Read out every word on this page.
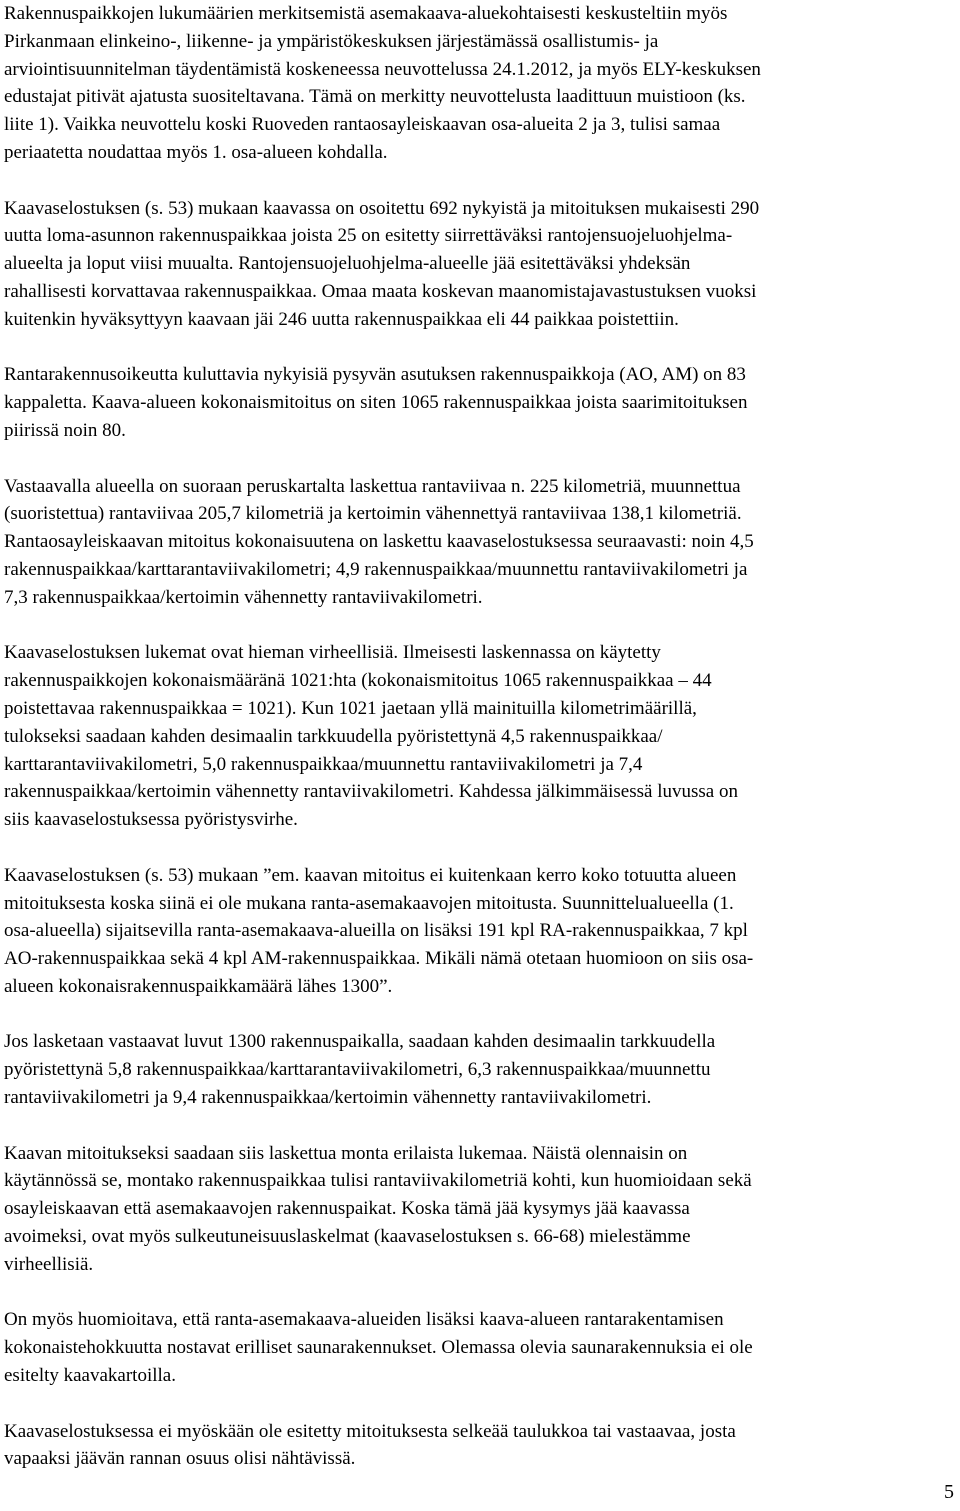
Rakennuspaikkojen lukumäärien merkitsemistä asemakaava-aluekohtaisesti keskusteltiin myös
Pirkanmaan elinkeino-, liikenne- ja ympäristökeskuksen järjestämässä osallistumis- ja
arviointisuunnitelman täydentämistä koskeneessa neuvottelussa 24.1.2012, ja myös ELY-keskuksen
edustajat pitivät ajatusta suositeltavana. Tämä on merkitty neuvottelusta laadittuun muistioon (ks.
liite 1). Vaikka neuvottelu koski Ruoveden rantaosayleiskaavan osa-alueita 2 ja 3, tulisi samaa
periaatetta noudattaa myös 1. osa-alueen kohdalla.

Kaavaselostuksen (s. 53) mukaan kaavassa on osoitettu 692 nykyistä ja mitoituksen mukaisesti 290
uutta loma-asunnon rakennuspaikkaa joista 25 on esitetty siirrettäväksi rantojensuojeluohjelma-
alueelta ja loput viisi muualta. Rantojensuojeluohjelma-alueelle jää esitettäväksi yhdeksän
rahallisesti korvattavaa rakennuspaikkaa. Omaa maata koskevan maanomistajavastustuksen vuoksi
kuitenkin hyväksyttyyn kaavaan jäi 246 uutta rakennuspaikkaa eli 44 paikkaa poistettiin.

Rantarakennusoikeutta kuluttavia nykyisiä pysyvän asutuksen rakennuspaikkoja (AO, AM) on 83
kappaletta. Kaava-alueen kokonaismitoitus on siten 1065 rakennuspaikkaa joista saarimitoituksen
piirissä noin 80.

Vastaavalla alueella on suoraan peruskartalta laskettua rantaviivaa n. 225 kilometriä, muunnettua
(suoristettua) rantaviivaa 205,7 kilometriä ja kertoimin vähennettyä rantaviivaa 138,1 kilometriä.
Rantaosayleiskaavan mitoitus kokonaisuutena on laskettu kaavaselostuksessa seuraavasti: noin 4,5
rakennuspaikkaa/karttarantaviivakilometri; 4,9 rakennuspaikkaa/muunnettu rantaviivakilometri ja
7,3 rakennuspaikkaa/kertoimin vähennetty rantaviivakilometri.

Kaavaselostuksen lukemat ovat hieman virheellisiä. Ilmeisesti laskennassa on käytetty
rakennuspaikkojen kokonaismääränä 1021:hta (kokonaismitoitus 1065 rakennuspaikkaa – 44
poistettavaa rakennuspaikkaa = 1021). Kun 1021 jaetaan yllä mainituilla kilometrimäärillä,
tulokseksi saadaan kahden desimaalin tarkkuudella pyöristettynä 4,5 rakennuspaikkaa/
karttarantaviivakilometri, 5,0 rakennuspaikkaa/muunnettu rantaviivakilometri ja 7,4
rakennuspaikkaa/kertoimin vähennetty rantaviivakilometri. Kahdessa jälkimmäisessä luvussa on
siis kaavaselostuksessa pyöristysvirhe.

Kaavaselostuksen (s. 53) mukaan ”em. kaavan mitoitus ei kuitenkaan kerro koko totuutta alueen
mitoituksesta koska siinä ei ole mukana ranta-asemakaavojen mitoitusta. Suunnittelualueella (1.
osa-alueella) sijaitsevilla ranta-asemakaava-alueilla on lisäksi 191 kpl RA-rakennuspaikkaa, 7 kpl
AO-rakennuspaikkaa sekä 4 kpl AM-rakennuspaikkaa. Mikäli nämä otetaan huomioon on siis osa-
alueen kokonaisrakennuspaikkamäärä lähes 1300”.

Jos lasketaan vastaavat luvut 1300 rakennuspaikalla, saadaan kahden desimaalin tarkkuudella
pyöristettynä 5,8 rakennuspaikkaa/karttarantaviivakilometri, 6,3 rakennuspaikkaa/muunnettu
rantaviivakilometri ja 9,4 rakennuspaikkaa/kertoimin vähennetty rantaviivakilometri.

Kaavan mitoitukseksi saadaan siis laskettua monta erilaista lukemaa. Näistä olennaisin on
käytännössä se, montako rakennuspaikkaa tulisi rantaviivakilometriä kohti, kun huomioidaan sekä
osayleiskaavan että asemakaavojen rakennuspaikat. Koska tämä jää kysymys jää kaavassa
avoimeksi, ovat myös sulkeutuneisuuslaskelmat (kaavaselostuksen s. 66-68) mielestämme
virheellisiä.

On myös huomioitava, että ranta-asemakaava-alueiden lisäksi kaava-alueen rantarakentamisen
kokonaistehokkuutta nostavat erilliset saunarakennukset. Olemassa olevia saunarakennuksia ei ole
esitelty kaavakartoilla.

Kaavaselostuksessa ei myöskään ole esitetty mitoituksesta selkeää taulukkoa tai vastaavaa, josta
vapaaksi jäävän rannan osuus olisi nähtävissä.

5
